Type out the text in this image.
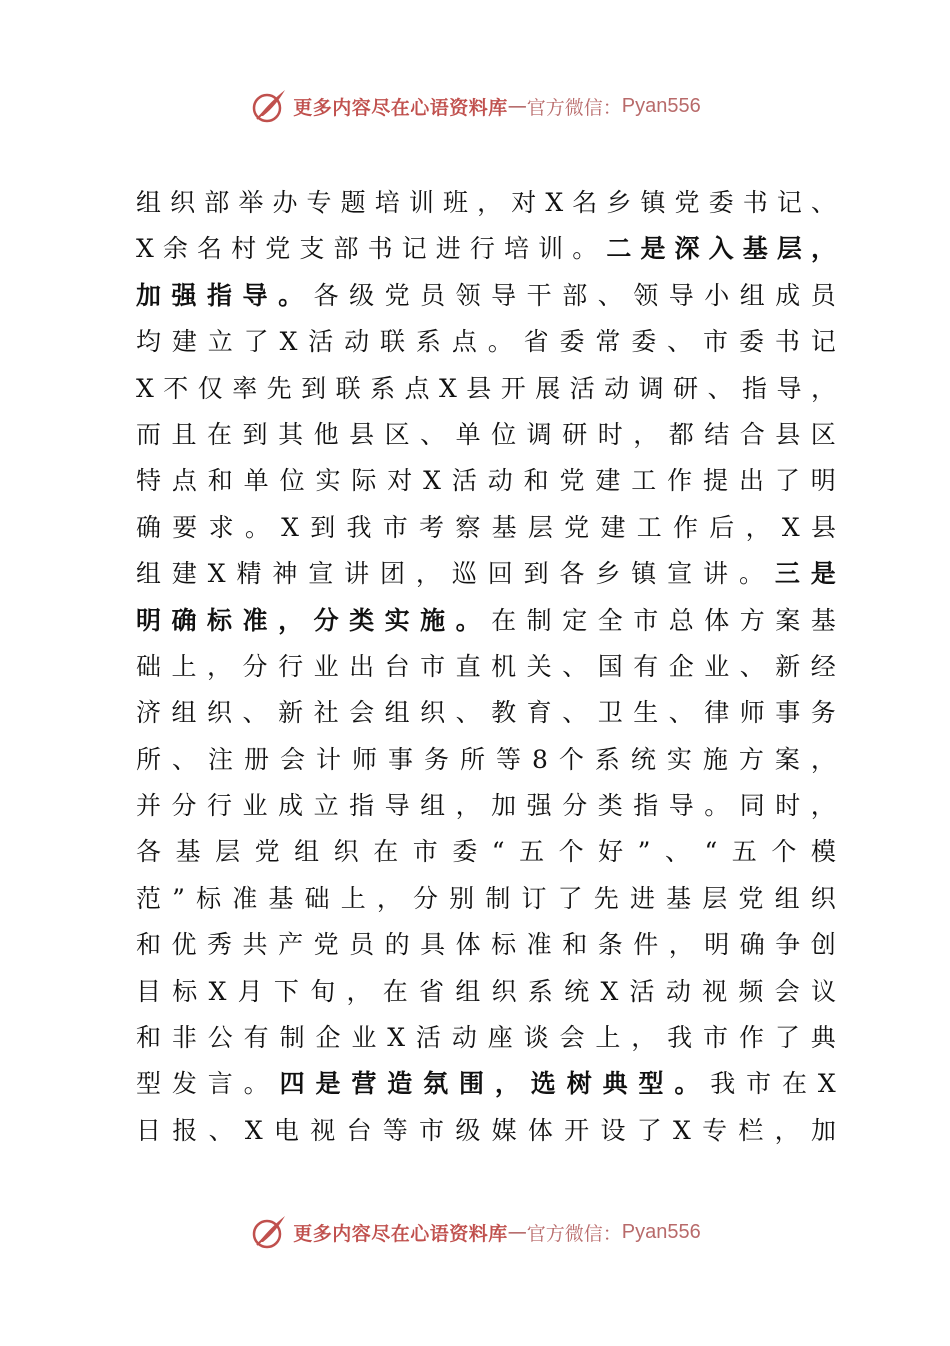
更多内容尽在心语资料库 — 官方微信： Pyan556
组 织 部 举 办 专 题 培 训 班 ， 对 X 名 乡 镇 党 委 书 记 、
X 余 名 村 党 支 部 书 记 进 行 培 训 。 二 是 深 入 基 层 ，
加 强 指 导 。 各 级 党 员 领 导 干 部 、 领 导 小 组 成 员
均 建 立 了 X 活 动 联 系 点 。 省 委 常 委 、 市 委 书 记
X 不 仅 率 先 到 联 系 点 X 县 开 展 活 动 调 研 、 指 导 ，
而 且 在 到 其 他 县 区 、 单 位 调 研 时 ， 都 结 合 县 区
特 点 和 单 位 实 际 对 X 活 动 和 党 建 工 作 提 出 了 明
确 要 求 。 X 到 我 市 考 察 基 层 党 建 工 作 后 ， X 县
组 建 X 精 神 宣 讲 团 ， 巡 回 到 各 乡 镇 宣 讲 。 三 是
明 确 标 准 ， 分 类 实 施 。 在 制 定 全 市 总 体 方 案 基
础 上 ， 分 行 业 出 台 市 直 机 关 、 国 有 企 业 、 新 经
济 组 织 、 新 社 会 组 织 、 教 育 、 卫 生 、 律 师 事 务
所 、 注 册 会 计 师 事 务 所 等 8 个 系 统 实 施 方 案 ，
并 分 行 业 成 立 指 导 组 ， 加 强 分 类 指 导 。 同 时 ，
各 基 层 党 组 织 在 市 委 “ 五 个 好 ” 、 “ 五 个 模
范 ” 标 准 基 础 上 ， 分 别 制 订 了 先 进 基 层 党 组 织
和 优 秀 共 产 党 员 的 具 体 标 准 和 条 件 ， 明 确 争 创
目 标 X 月 下 旬 ， 在 省 组 织 系 统 X 活 动 视 频 会 议
和 非 公 有 制 企 业 X 活 动 座 谈 会 上 ， 我 市 作 了 典
型 发 言 。 四 是 营 造 氛 围 ， 选 树 典 型 。 我 市 在 X
日 报 、 X 电 视 台 等 市 级 媒 体 开 设 了 X 专 栏 ， 加
更多内容尽在心语资料库 — 官方微信： Pyan556
